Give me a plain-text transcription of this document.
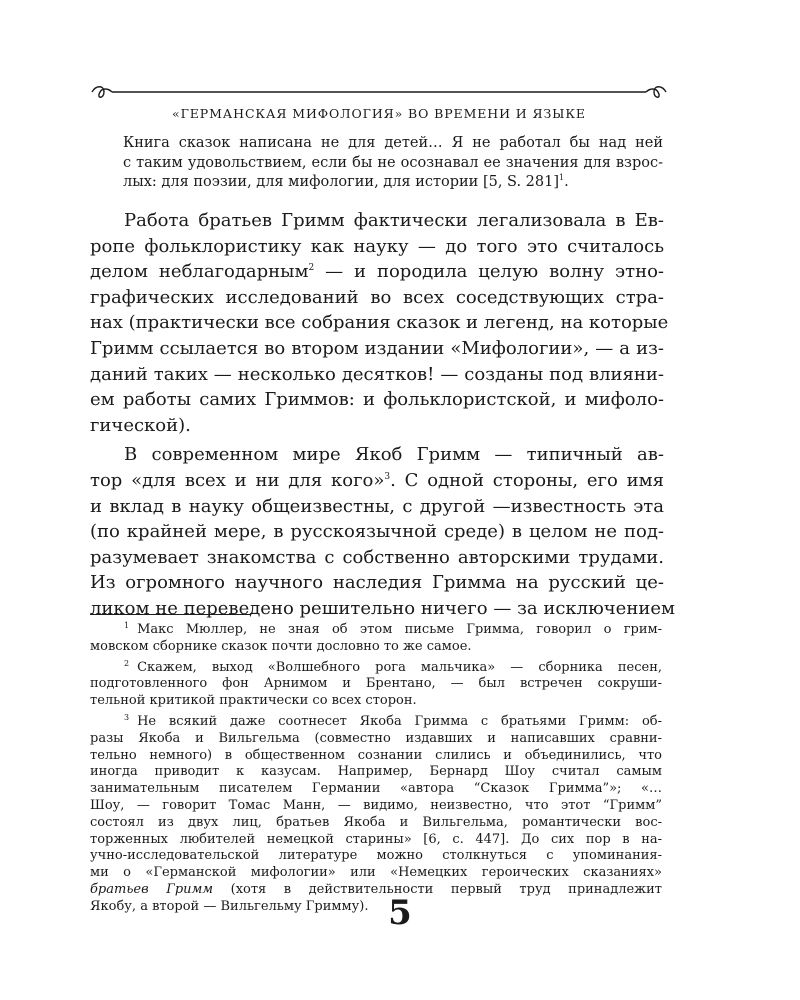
«ГЕРМАНСКАЯ МИФОЛОГИЯ» ВО ВРЕМЕНИ И ЯЗЫКЕ
Книга сказок написана не для детей… Я не работал бы над ней
с таким удовольствием, если бы не осознавал ее значения для взрос-
лых: для поэзии, для мифологии, для истории [5, S. 281]$^1$.
Работа братьев Гримм фактически легализовала в Ев-
ропе фольклористику как науку — до того это считалось
делом неблагодарным$^2$ — и породила целую волну этно-
графических исследований во всех соседствующих стра-
нах (практически все собрания сказок и легенд, на которые
Гримм ссылается во втором издании «Мифологии», — а из-
даний таких — несколько десятков! — созданы под влияни-
ем работы самих Гриммов: и фольклористской, и мифоло-
гической).
В современном мире Якоб Гримм — типичный ав-
тор «для всех и ни для кого»$^3$. С одной стороны, его имя
и вклад в науку общеизвестны, с другой —известность эта
(по крайней мере, в русскоязычной среде) в целом не под-
разумевает знакомства с собственно авторскими трудами.
Из огромного научного наследия Гримма на русский це-
ликом не переведено решительно ничего — за исключением
$^1$ Макс Мюллер, не зная об этом письме Гримма, говорил о грим-
мовском сборнике сказок почти дословно то же самое.
$^2$ Скажем, выход «Волшебного рога мальчика» — сборника песен,
подготовленного фон Арнимом и Брентано, — был встречен сокруши-
тельной критикой практически со всех сторон.
$^3$ Не всякий даже соотнесет Якоба Гримма с братьями Гримм: об-
разы Якоба и Вильгельма (совместно издавших и написавших сравни-
тельно немного) в общественном сознании слились и объединились, что
иногда приводит к казусам. Например, Бернард Шоу считал самым
занимательным писателем Германии «автора “Сказок Гримма”»; «…
Шоу, — говорит Томас Манн, — видимо, неизвестно, что этот “Гримм”
состоял из двух лиц, братьев Якоба и Вильгельма, романтически вос-
торженных любителей немецкой старины» [6, с. 447]. До сих пор в на-
учно-исследовательской литературе можно столкнуться с упоминания-
ми о «Германской мифологии» или «Немецких героических сказаниях»
братьев Гримм (хотя в действительности первый труд принадлежит
Якобу, а второй — Вильгельму Гримму). 5
